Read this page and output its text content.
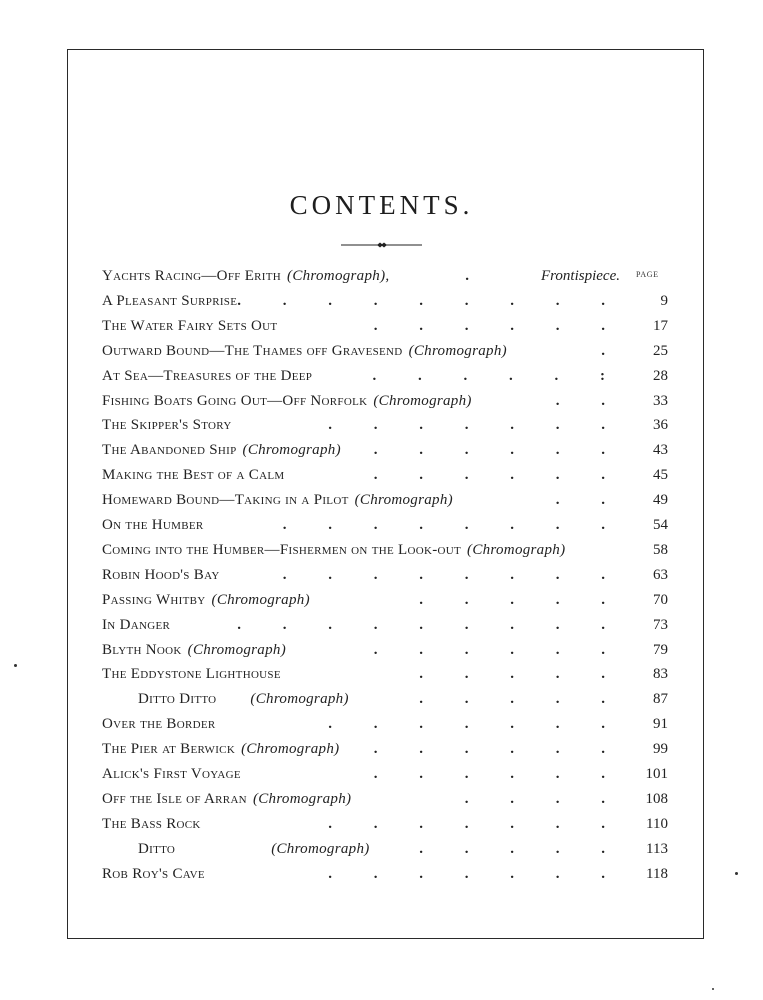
CONTENTS.
PAGE
Yachts Racing—Off Erith (Chromograph),	Frontispiece.
.
A Pleasant Surprise . . . . . . . . .	9
The Water Fairy Sets Out	. . . . . .	17
Outward Bound—The Thames off Gravesend (Chromograph)	.	25
At Sea—Treasures of the Deep	. . . . . :	28
Fishing Boats Going Out—Off Norfolk (Chromograph)	. .	33
The Skipper's Story	. . . . . . .	36
The Abandoned Ship (Chromograph) . . . . . .	43
Making the Best of a Calm	. . . . . .	45
Homeward Bound—Taking in a Pilot (Chromograph)	. .	49
On the Humber	. . . . . . . .	54
Coming into the Humber—Fishermen on the Look-out (Chromograph)	58
Robin Hood's Bay	. . . . . . . .	63
Passing Whitby (Chromograph)	. . . . .	70
In Danger	. . . . . . . . .	73
Blyth Nook (Chromograph)	. . . . . .	79
The Eddystone Lighthouse	. . . . .	83
Ditto Ditto (Chromograph)	. . . . .	87
Over the Border	. . . . . . .	91
The Pier at Berwick (Chromograph) . . . . . .	99
Alick's First Voyage	. . . . . .	101
Off the Isle of Arran (Chromograph)	. . . .	108
The Bass Rock	. . . . . . .	110
Ditto	(Chromograph)	. . . . .	113
Rob Roy's Cave	. . . . . . .	118
